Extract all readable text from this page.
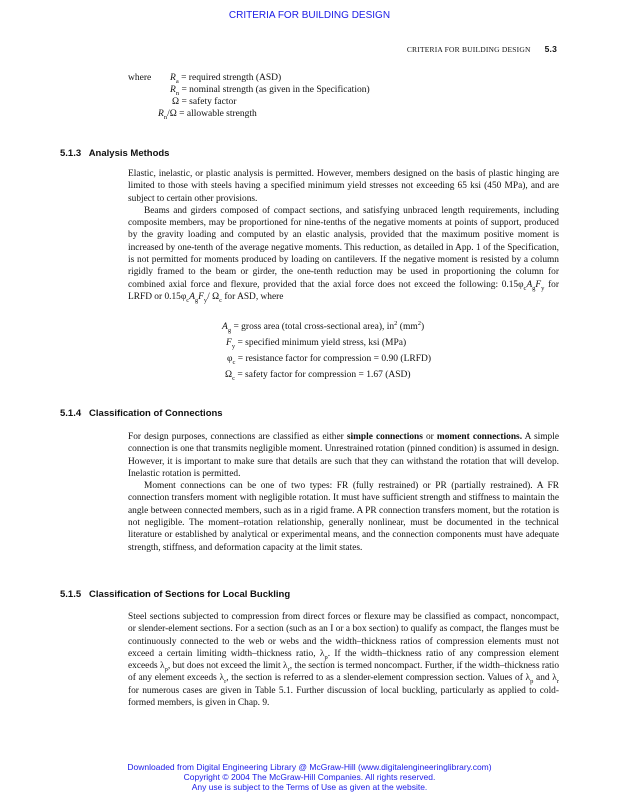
CRITERIA FOR BUILDING DESIGN
CRITERIA FOR BUILDING DESIGN 5.3
where $R_a$ = required strength (ASD)
$R_n$ = nominal strength (as given in the Specification)
Ω = safety factor
$R_n/\Omega$ = allowable strength
5.1.3   Analysis Methods

Elastic, inelastic, or plastic analysis is permitted. However, members designed on the basis of plastic hinging are limited to those with steels having a specified minimum yield stresses not exceeding 65 ksi (450 MPa), and are subject to certain other provisions.

Beams and girders composed of compact sections, and satisfying unbraced length requirements, including composite members, may be proportioned for nine-tenths of the negative moments at points of support, produced by the gravity loading and computed by an elastic analysis, provided that the maximum positive moment is increased by one-tenth of the average negative moments. This reduction, as detailed in App. 1 of the Specification, is not permitted for moments produced by loading on cantilevers. If the negative moment is resisted by a column rigidly framed to the beam or girder, the one-tenth reduction may be used in proportioning the column for combined axial force and flexure, provided that the axial force does not exceed the following: $0.15\varphi_cA_gF_y$ for LRFD or $0.15\varphi_cA_gF_y/$ $\Omega_c$ for ASD, where

$A_g$ = gross area (total cross-sectional area), $in^2$ $(mm^2)$
$F_y$ = specified minimum yield stress, ksi (MPa)
$\varphi_c$ = resistance factor for compression = 0.90 (LRFD)
$\Omega_c$ = safety factor for compression = 1.67 (ASD)
5.1.4   Classification of Connections

For design purposes, connections are classified as either simple connections or moment connections. A simple connection is one that transmits negligible moment. Unrestrained rotation (pinned condition) is assumed in design. However, it is important to make sure that details are such that they can withstand the rotation that will develop. Inelastic rotation is permitted.

Moment connections can be one of two types: FR (fully restrained) or PR (partially restrained). A FR connection transfers moment with negligible rotation. It must have sufficient strength and stiffness to maintain the angle between connected members, such as in a rigid frame. A PR connection transfers moment, but the rotation is not negligible. The moment–rotation relationship, generally nonlinear, must be documented in the technical literature or established by analytical or experimental means, and the connection components must have adequate strength, stiffness, and deformation capacity at the limit states.

5.1.5   Classification of Sections for Local Buckling

Steel sections subjected to compression from direct forces or flexure may be classified as compact, noncompact, or slender-element sections. For a section (such as an I or a box section) to qualify as compact, the flanges must be continuously connected to the web or webs and the width–thickness ratios of compression elements must not exceed a certain limiting width–thickness ratio, $\lambda_p$. If the width–thickness ratio of any compression element exceeds $\lambda_p$, but does not exceed the limit $\lambda_r$, the section is termed noncompact. Further, if the width–thickness ratio of any element exceeds $\lambda_r$, the section is referred to as a slender-element compression section. Values of $\lambda_p$ and $\lambda_r$ for numerous cases are given in Table 5.1. Further discussion of local buckling, particularly as applied to cold-formed members, is given in Chap. 9.

Downloaded from Digital Engineering Library @ McGraw-Hill (www.digitalengineeringlibrary.com)
Copyright © 2004 The McGraw-Hill Companies. All rights reserved.
Any use is subject to the Terms of Use as given at the website.
